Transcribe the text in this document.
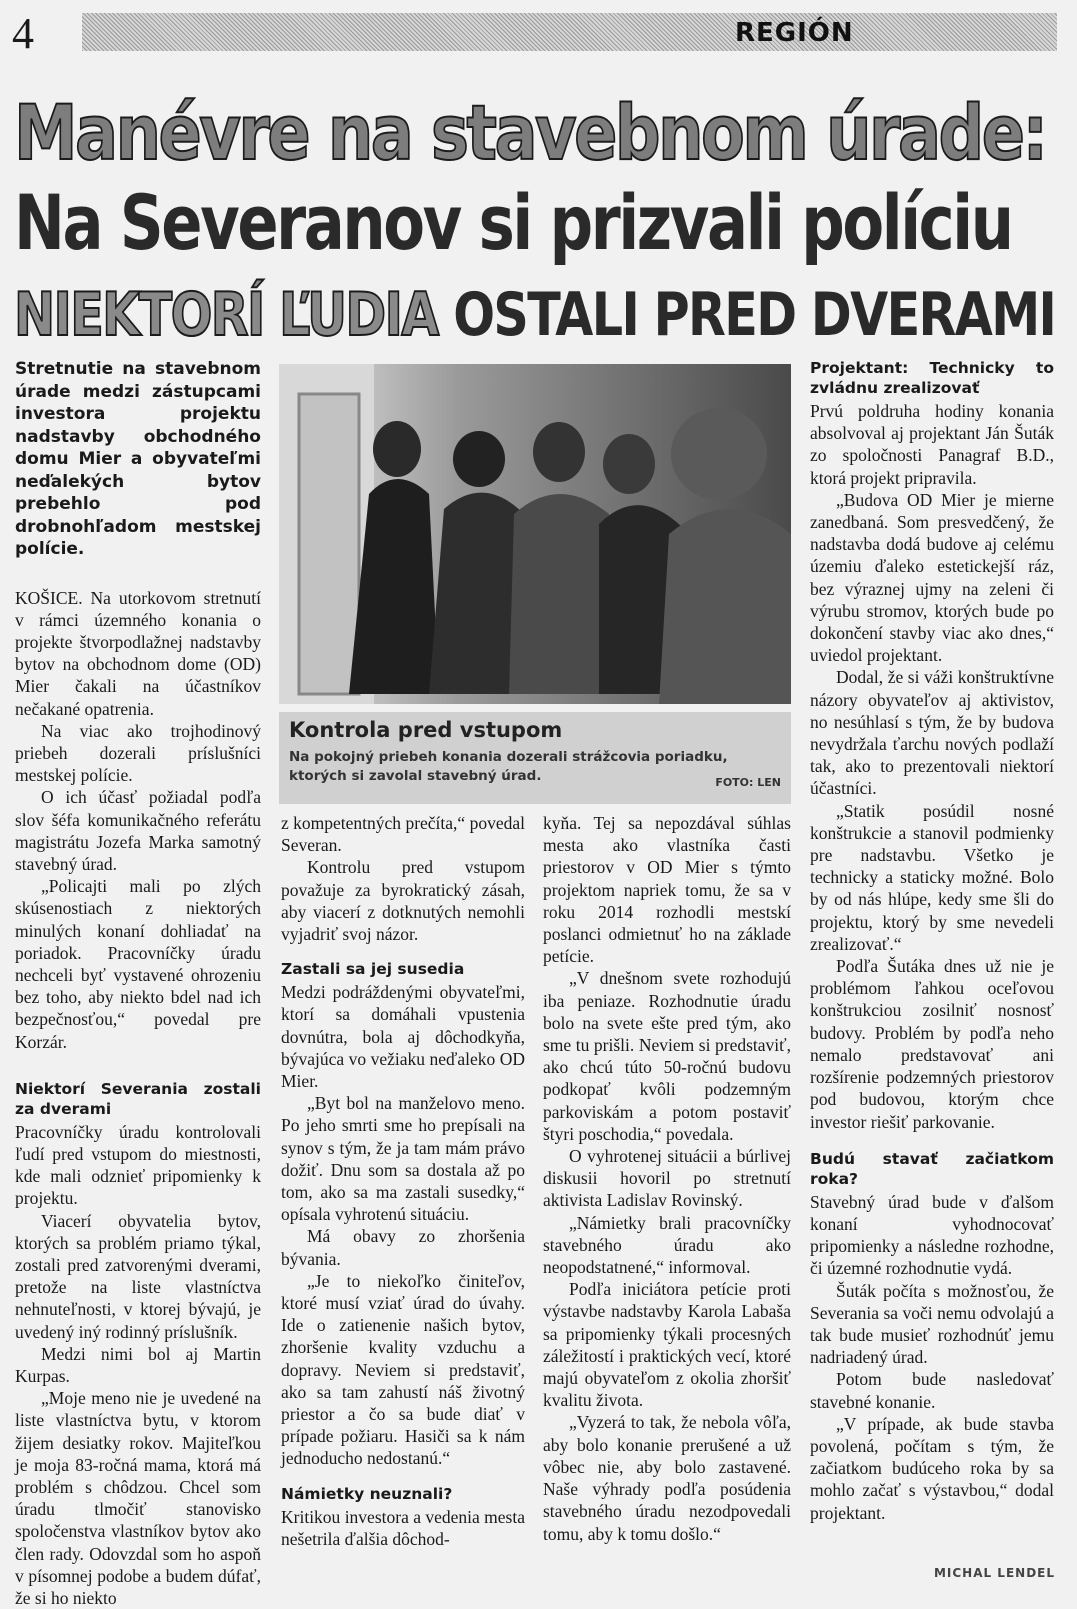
4	REGIÓN
Manévre na stavebnom úrade:
Na Severanov si prizvali políciu
NIEKTORÍ ĽUDIA OSTALI PRED DVERAMI

Stretnutie na stavebnom úrade medzi zástupcami investora projektu nadstavby obchodného domu Mier a obyvateľmi neďalekých bytov prebehlo pod drobnohľadom mestskej polície.

KOŠICE. Na utorkovom stretnutí v rámci územného konania o projekte štvorpodlažnej nadstavby bytov na obchodnom dome (OD) Mier čakali na účastníkov nečakané opatrenia.

Na viac ako trojhodinový priebeh dozerali príslušníci mestskej polície.

O ich účasť požiadal podľa slov šéfa komunikačného referátu magistrátu Jozefa Marka samotný stavebný úrad.

„Policajti mali po zlých skúsenostiach z niektorých minulých konaní dohliadať na poriadok. Pracovníčky úradu nechceli byť vystavené ohrozeniu bez toho, aby niekto bdel nad ich bezpečnosťou,“ povedal pre Korzár.

Niektorí Severania zostali za dverami

Pracovníčky úradu kontrolovali ľudí pred vstupom do miestnosti, kde mali odzniet̕ pripomienky k projektu.

Viacerí obyvatelia bytov, ktorých sa problém priamo týkal, zostali pred zatvorenými dverami, pretože na liste vlastníctva nehnuteľnosti, v ktorej bývajú, je uvedený iný rodinný príslušník.

Medzi nimi bol aj Martin Kurpas.

„Moje meno nie je uvedené na liste vlastníctva bytu, v ktorom žijem desiatky rokov. Majiteľkou je moja 83-ročná mama, ktorá má problém s chôdzou. Chcel som úradu tlmočiť stanovisko spoločenstva vlastníkov bytov ako člen rady. Odovzdal som ho aspoň v písomnej podobe a budem dúfať, že si ho niekto

Kontrola pred vstupom
Na pokojný priebeh konania dozerali strážcovia poriadku, ktorých si zavolal stavebný úrad.	FOTO: LEN

z kompetentných prečíta,“ povedal Severan.

Kontrolu pred vstupom považuje za byrokratický zásah, aby viacerí z dotknutých nemohli vyjadriť svoj názor.

Zastali sa jej susedia

Medzi podráždenými obyvateľmi, ktorí sa domáhali vpustenia dovnútra, bola aj dôchodkyňa, bývajúca vo vežiaku neďaleko OD Mier.

„Byt bol na manželovo meno. Po jeho smrti sme ho prepísali na synov s tým, že ja tam mám právo dožiť. Dnu som sa dostala až po tom, ako sa ma zastali susedky,“ opísala vyhrotenú situáciu.

Má obavy zo zhoršenia bývania.

„Je to niekoľko činiteľov, ktoré musí vziať úrad do úvahy. Ide o zatienenie našich bytov, zhoršenie kvality vzduchu a dopravy. Neviem si predstaviť, ako sa tam zahustí náš životný priestor a čo sa bude diať v prípade požiaru. Hasiči sa k nám jednoducho nedostanú.“

Námietky neuznali?

Kritikou investora a vedenia mesta nešetrila ďalšia dôchod-

kyňa. Tej sa nepozdával súhlas mesta ako vlastníka časti priestorov v OD Mier s týmto projektom napriek tomu, že sa v roku 2014 rozhodli mestskí poslanci odmietnuť ho na základe petície.

„V dnešnom svete rozhodujú iba peniaze. Rozhodnutie úradu bolo na svete ešte pred tým, ako sme tu prišli. Neviem si predstaviť, ako chcú túto 50-ročnú budovu podkopať kvôli podzemným parkoviskám a potom postaviť štyri poschodia,“ povedala.

O vyhrotenej situácii a búrlivej diskusii hovoril po stretnutí aktivista Ladislav Rovinský.

„Námietky brali pracovníčky stavebného úradu ako neopodstatnené,“ informoval.

Podľa iniciátora petície proti výstavbe nadstavby Karola Labaša sa pripomienky týkali procesných záležitostí i praktických vecí, ktoré majú obyvateľom z okolia zhoršiť kvalitu života.

„Vyzerá to tak, že nebola vôľa, aby bolo konanie prerušené a už vôbec nie, aby bolo zastavené. Naše výhrady podľa posúdenia stavebného úradu nezodpovedali tomu, aby k tomu došlo.“

Projektant: Technicky to zvládnu zrealizovať

Prvú poldruha hodiny konania absolvoval aj projektant Ján Šuták zo spoločnosti Panagraf B.D., ktorá projekt pripravila.

„Budova OD Mier je mierne zanedbaná. Som presvedčený, že nadstavba dodá budove aj celému územiu ďaleko estetickejší ráz, bez výraznej ujmy na zeleni či výrubu stromov, ktorých bude po dokončení stavby viac ako dnes,“ uviedol projektant.

Dodal, že si váži konštruktívne názory obyvateľov aj aktivistov, no nesúhlasí s tým, že by budova nevydržala ťarchu nových podlaží tak, ako to prezentovali niektorí účastníci.

„Statik posúdil nosné konštrukcie a stanovil podmienky pre nadstavbu. Všetko je technicky a staticky možné. Bolo by od nás hlúpe, kedy sme šli do projektu, ktorý by sme nevedeli zrealizovať.“

Podľa Šutáka dnes už nie je problémom ľahkou oceľovou konštrukciou zosilniť nosnosť budovy. Problém by podľa neho nemalo predstavovať ani rozšírenie podzemných priestorov pod budovou, ktorým chce investor riešiť parkovanie.

Budú stavať začiatkom roka?

Stavebný úrad bude v ďalšom konaní vyhodnocovať pripomienky a následne rozhodne, či územné rozhodnutie vydá.

Šuták počíta s možnosťou, že Severania sa voči nemu odvolajú a tak bude musieť rozhodnúť jemu nadriadený úrad.

Potom bude nasledovať stavebné konanie.

„V prípade, ak bude stavba povolená, počítam s tým, že začiatkom budúceho roka by sa mohlo začať s výstavbou,“ dodal projektant.

MICHAL LENDEL
